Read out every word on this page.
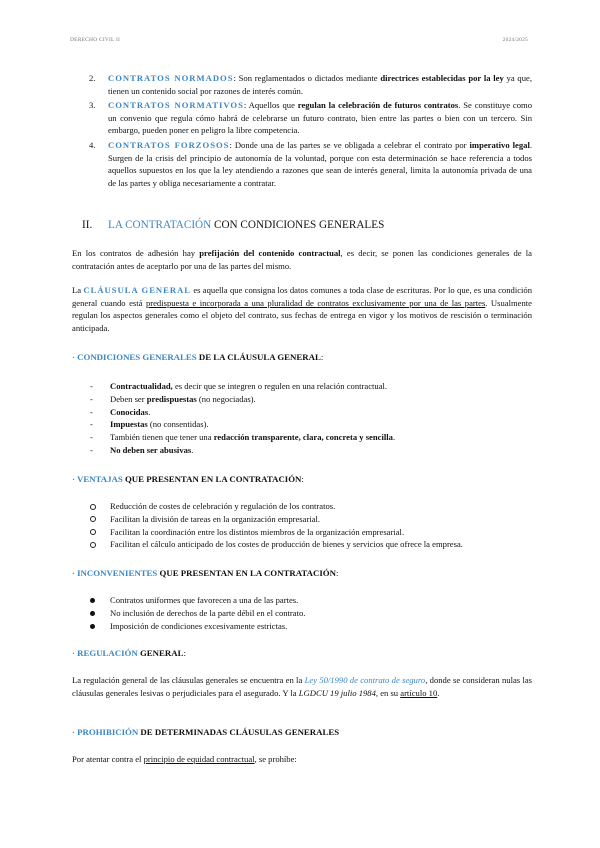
DERECHO CIVIL II	2024/2025
2. CONTRATOS NORMADOS: Son reglamentados o dictados mediante directrices establecidas por la ley ya que, tienen un contenido social por razones de interés común.
3. CONTRATOS NORMATIVOS: Aquellos que regulan la celebración de futuros contratos. Se constituye como un convenio que regula cómo habrá de celebrarse un futuro contrato, bien entre las partes o bien con un tercero. Sin embargo, pueden poner en peligro la libre competencia.
4. CONTRATOS FORZOSOS: Donde una de las partes se ve obligada a celebrar el contrato por imperativo legal. Surgen de la crisis del principio de autonomía de la voluntad, porque con esta determinación se hace referencia a todos aquellos supuestos en los que la ley atendiendo a razones que sean de interés general, limita la autonomía privada de una de las partes y obliga necesariamente a contratar.
II. LA CONTRATACIÓN CON CONDICIONES GENERALES
En los contratos de adhesión hay prefijación del contenido contractual, es decir, se ponen las condiciones generales de la contratación antes de aceptarlo por una de las partes del mismo.
La CLÁUSULA GENERAL es aquella que consigna los datos comunes a toda clase de escrituras. Por lo que, es una condición general cuando está predispuesta e incorporada a una pluralidad de contratos exclusivamente por una de las partes. Usualmente regulan los aspectos generales como el objeto del contrato, sus fechas de entrega en vigor y los motivos de rescisión o terminación anticipada.
· CONDICIONES GENERALES DE LA CLÁUSULA GENERAL:
- Contractualidad, es decir que se integren o regulen en una relación contractual.
- Deben ser predispuestas (no negociadas).
- Conocidas.
- Impuestas (no consentidas).
- También tienen que tener una redacción transparente, clara, concreta y sencilla.
- No deben ser abusivas.
· VENTAJAS QUE PRESENTAN EN LA CONTRATACIÓN:
Reducción de costes de celebración y regulación de los contratos.
Facilitan la división de tareas en la organización empresarial.
Facilitan la coordinación entre los distintos miembros de la organización empresarial.
Facilitan el cálculo anticipado de los costes de producción de bienes y servicios que ofrece la empresa.
· INCONVENIENTES QUE PRESENTAN EN LA CONTRATACIÓN:
Contratos uniformes que favorecen a una de las partes.
No inclusión de derechos de la parte débil en el contrato.
Imposición de condiciones excesivamente estrictas.
· REGULACIÓN GENERAL:
La regulación general de las cláusulas generales se encuentra en la Ley 50/1990 de contrato de seguro, donde se consideran nulas las cláusulas generales lesivas o perjudiciales para el asegurado. Y la LGDCU 19 julio 1984, en su artículo 10.
· PROHIBICIÓN DE DETERMINADAS CLÁUSULAS GENERALES
Por atentar contra el principio de equidad contractual, se prohíbe:
